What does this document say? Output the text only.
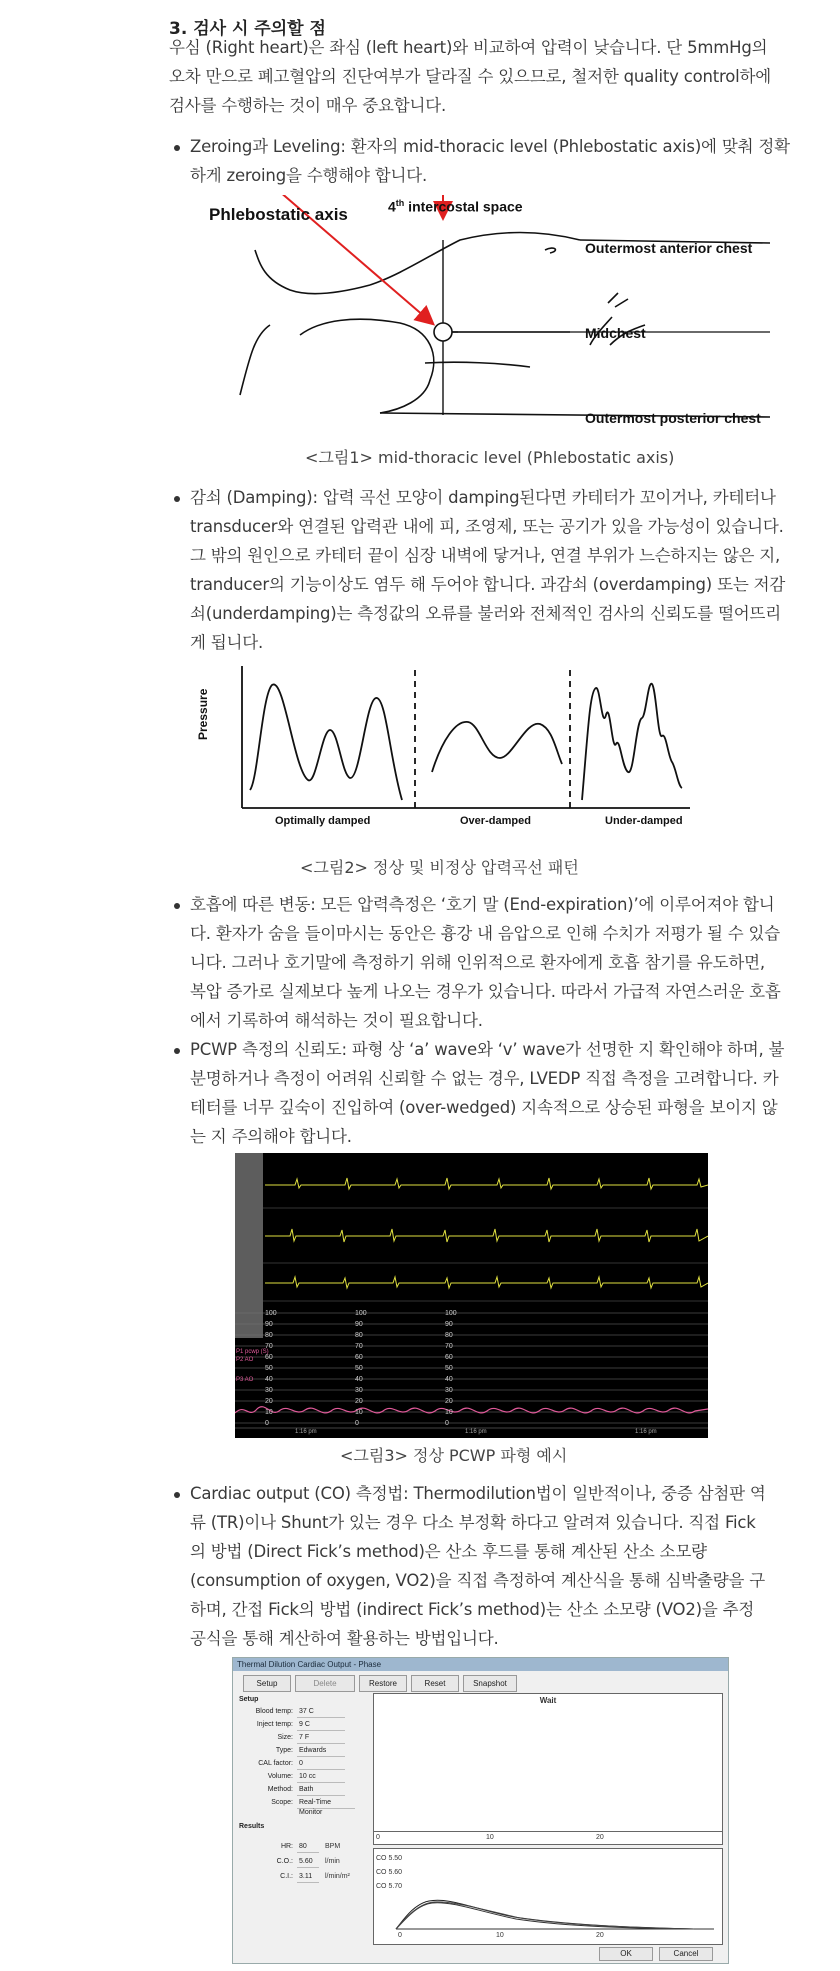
3. 검사 시 주의할 점
우심 (Right heart)은 좌심 (left heart)와 비교하여 압력이 낮습니다. 단 5mmHg의
오차 만으로 폐고혈압의 진단여부가 달라질 수 있으므로, 철저한 quality control하에
검사를 수행하는 것이 매우 중요합니다.
Zeroing과 Leveling: 환자의 mid-thoracic level (Phlebostatic axis)에 맞춰 정확
하게 zeroing을 수행해야 합니다.
Phlebostatic axis	4th intercostal space
Outermost anterior chest
Midchest
Outermost posterior chest
<그림1> mid-thoracic level (Phlebostatic axis)
감쇠 (Damping): 압력 곡선 모양이 damping된다면 카테터가 꼬이거나, 카테터나
transducer와 연결된 압력관 내에 피, 조영제, 또는 공기가 있을 가능성이 있습니다.
그 밖의 원인으로 카테터 끝이 심장 내벽에 닿거나, 연결 부위가 느슨하지는 않은 지,
tranducer의 기능이상도 염두 해 두어야 합니다. 과감쇠 (overdamping) 또는 저감
쇠(underdamping)는 측정값의 오류를 불러와 전체적인 검사의 신뢰도를 떨어뜨리
게 됩니다.
Pressure
Optimally damped	Over-damped	Under-damped
<그림2> 정상 및 비정상 압력곡선 패턴
호흡에 따른 변동: 모든 압력측정은 ‘호기 말 (End-expiration)’에 이루어져야 합니
다. 환자가 숨을 들이마시는 동안은 흉강 내 음압으로 인해 수치가 저평가 될 수 있습
니다. 그러나 호기말에 측정하기 위해 인위적으로 환자에게 호흡 참기를 유도하면,
복압 증가로 실제보다 높게 나오는 경우가 있습니다. 따라서 가급적 자연스러운 호흡
에서 기록하여 해석하는 것이 필요합니다.
PCWP 측정의 신뢰도: 파형 상 ‘a’ wave와 ‘v’ wave가 선명한 지 확인해야 하며, 불
분명하거나 측정이 어려워 신뢰할 수 없는 경우, LVEDP 직접 측정을 고려합니다. 카
테터를 너무 깊숙이 진입하여 (over-wedged) 지속적으로 상승된 파형을 보이지 않
는 지 주의해야 합니다.
100
90
80
70
60
50
40
30
20
10
0
100
90
80
70
60
50
40
30
20
10
0
100
90
80
70
60
50
40
30
20
10
0
P1 pcwp (S)
P2 AO
P3 AO
1:16 pm	1:16 pm	1:16 pm
<그림3> 정상 PCWP 파형 예시
Cardiac output (CO) 측정법: Thermodilution법이 일반적이나, 중증 삼첨판 역
류 (TR)이나 Shunt가 있는 경우 다소 부정확 하다고 알려져 있습니다. 직접 Fick
의 방법 (Direct Fick’s method)은 산소 후드를 통해 계산된 산소 소모량
(consumption of oxygen, VO2)을 직접 측정하여 계산식을 통해 심박출량을 구
하며, 간접 Fick의 방법 (indirect Fick’s method)는 산소 소모량 (VO2)을 추정
공식을 통해 계산하여 활용하는 방법입니다.
Thermal Dilution Cardiac Output - Phase
Setup	Delete	Restore	Reset	Snapshot
Setup
Blood temp: 37 C
Inject temp: 9 C
Size: 7 F
Type: Edwards
CAL factor: 0
Volume: 10 cc
Method: Bath
Scope: Real-Time Monitor
Results
HR: 80	BPM
C.O.: 5.60	l/min
C.I.: 3.11	l/min/m²
Wait
0	10	20
CO 5.50
CO 5.60
CO 5.70
0	10	20
OK	Cancel
